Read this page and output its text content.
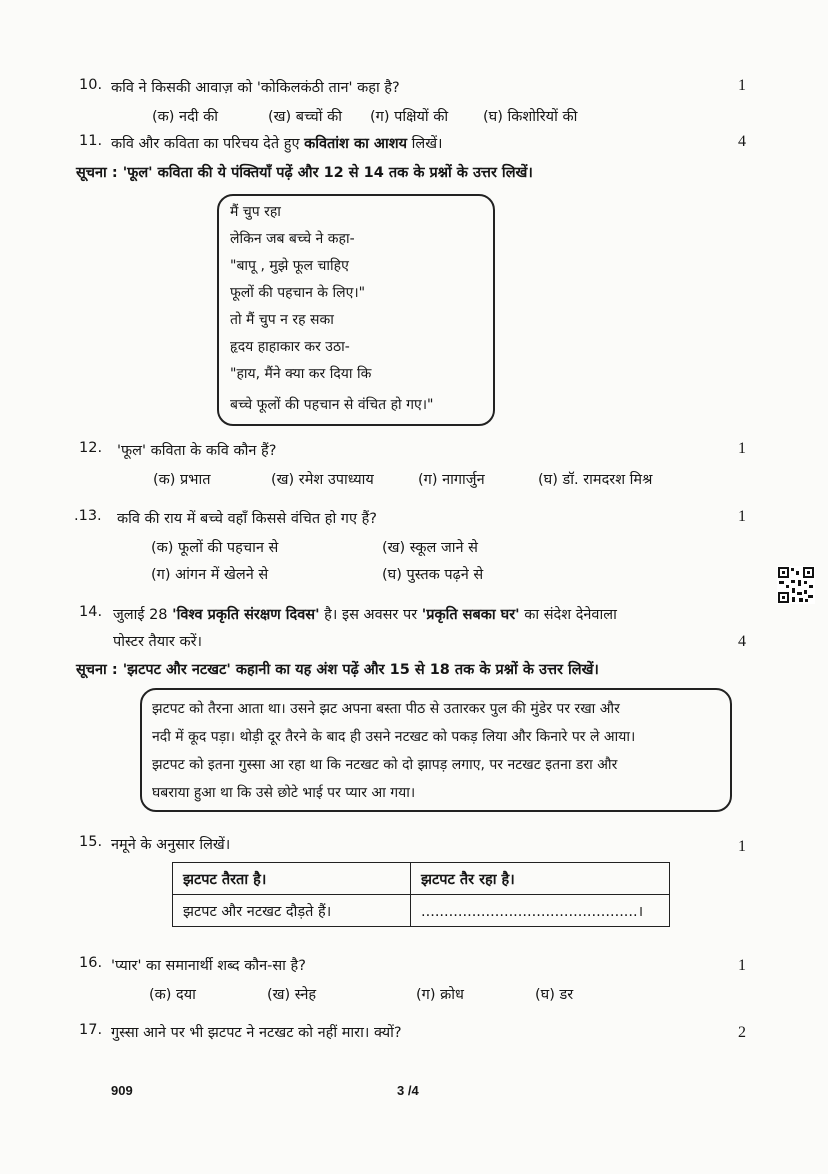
10. कवि ने किसकी आवाज़ को 'कोकिलकंठी तान' कहा है?	1
(क) नदी की	(ख) बच्चों की (ग) पक्षियों की (घ) किशोरियों की
11. कवि और कविता का परिचय देते हुए कवितांश का आशय लिखें।	4
सूचना : 'फूल' कविता की ये पंक्तियाँ पढ़ें और 12 से 14 तक के प्रश्नों के उत्तर लिखें।
मैं चुप रहा
लेकिन जब बच्चे ने कहा-
"बापू , मुझे फूल चाहिए
फूलों की पहचान के लिए।"
तो मैं चुप न रह सका
हृदय हाहाकार कर उठा-
"हाय, मैंने क्या कर दिया कि
बच्चे फूलों की पहचान से वंचित हो गए।"
12. 'फूल' कविता के कवि कौन हैं?	1
(क) प्रभात	(ख) रमेश उपाध्याय	(ग) नागार्जुन	(घ) डॉ. रामदरश मिश्र
.13. कवि की राय में बच्चे वहाँ किससे वंचित हो गए हैं?	1
(क) फूलों की पहचान से	(ख) स्कूल जाने से
(ग) आंगन में खेलने से	(घ) पुस्तक पढ़ने से
14. जुलाई 28 'विश्व प्रकृति संरक्षण दिवस' है। इस अवसर पर 'प्रकृति सबका घर' का संदेश देनेवाला
पोस्टर तैयार करें।	4
सूचना : 'झटपट और नटखट' कहानी का यह अंश पढ़ें और 15 से 18 तक के प्रश्नों के उत्तर लिखें।
झटपट को तैरना आता था। उसने झट अपना बस्ता पीठ से उतारकर पुल की मुंडेर पर रखा और
नदी में कूद पड़ा। थोड़ी दूर तैरने के बाद ही उसने नटखट को पकड़ लिया और किनारे पर ले आया।
झटपट को इतना गुस्सा आ रहा था कि नटखट को दो झापड़ लगाए, पर नटखट इतना डरा और
घबराया हुआ था कि उसे छोटे भाई पर प्यार आ गया।
15. नमूने के अनुसार लिखें।	1
झटपट तैरता है।	झटपट तैर रहा है।
झटपट और नटखट दौड़ते हैं।	...............................................।
16. 'प्यार' का समानार्थी शब्द कौन-सा है?	1
(क) दया	(ख) स्नेह	(ग) क्रोध	(घ) डर
17. गुस्सा आने पर भी झटपट ने नटखट को नहीं मारा। क्यों?	2
909	3 /4
